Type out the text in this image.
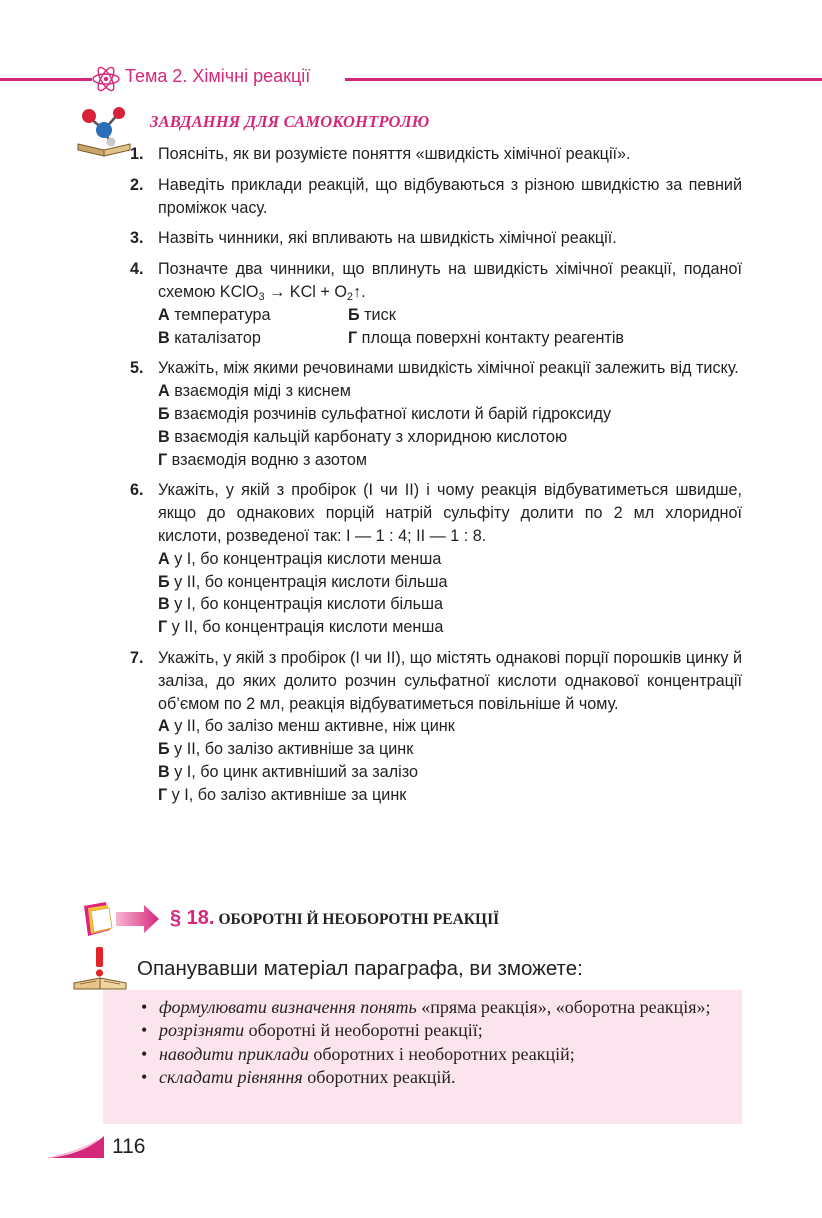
Тема 2. Хімічні реакції
ЗАВДАННЯ ДЛЯ САМОКОНТРОЛЮ
1. Поясніть, як ви розумієте поняття «швидкість хімічної реакції».
2. Наведіть приклади реакцій, що відбуваються з різною швидкістю за певний проміжок часу.
3. Назвіть чинники, які впливають на швидкість хімічної реакції.
4. Позначте два чинники, що вплинуть на швидкість хімічної реакції, поданої схемою KClO$_3$ → KCl + $O_2↑$.
А температура	Б тиск
В каталізатор	Г площа поверхні контакту реагентів
5. Укажіть, між якими речовинами швидкість хімічної реакції залежить від тиску.
А взаємодія міді з киснем
Б взаємодія розчинів сульфатної кислоти й барій гідроксиду
В взаємодія кальцій карбонату з хлоридною кислотою
Г взаємодія водню з азотом
6. Укажіть, у якій з пробірок (І чи ІІ) і чому реакція відбуватиметься швидше, якщо до однакових порцій натрій сульфіту долити по 2 мл хлоридної кислоти, розведеної так: І — 1 : 4; ІІ — 1 : 8.
А у І, бо концентрація кислоти менша
Б у ІІ, бо концентрація кислоти більша
В у І, бо концентрація кислоти більша
Г у ІІ, бо концентрація кислоти менша
7. Укажіть, у якій з пробірок (І чи ІІ), що містять однакові порції порошків цинку й заліза, до яких долито розчин сульфатної кислоти однакової концентрації об’ємом по 2 мл, реакція відбуватиметься повільніше й чому.
А у ІІ, бо залізо менш активне, ніж цинк
Б у ІІ, бо залізо активніше за цинк
В у І, бо цинк активніший за залізо
Г у І, бо залізо активніше за цинк
§ 18. ОБОРОТНІ Й НЕОБОРОТНІ РЕАКЦІЇ
Опанувавши матеріал параграфа, ви зможете:
• формулювати визначення понять «пряма реакція», «оборотна реакція»;
• розрізняти оборотні й необоротні реакції;
• наводити приклади оборотних і необоротних реакцій;
• складати рівняння оборотних реакцій.
116
